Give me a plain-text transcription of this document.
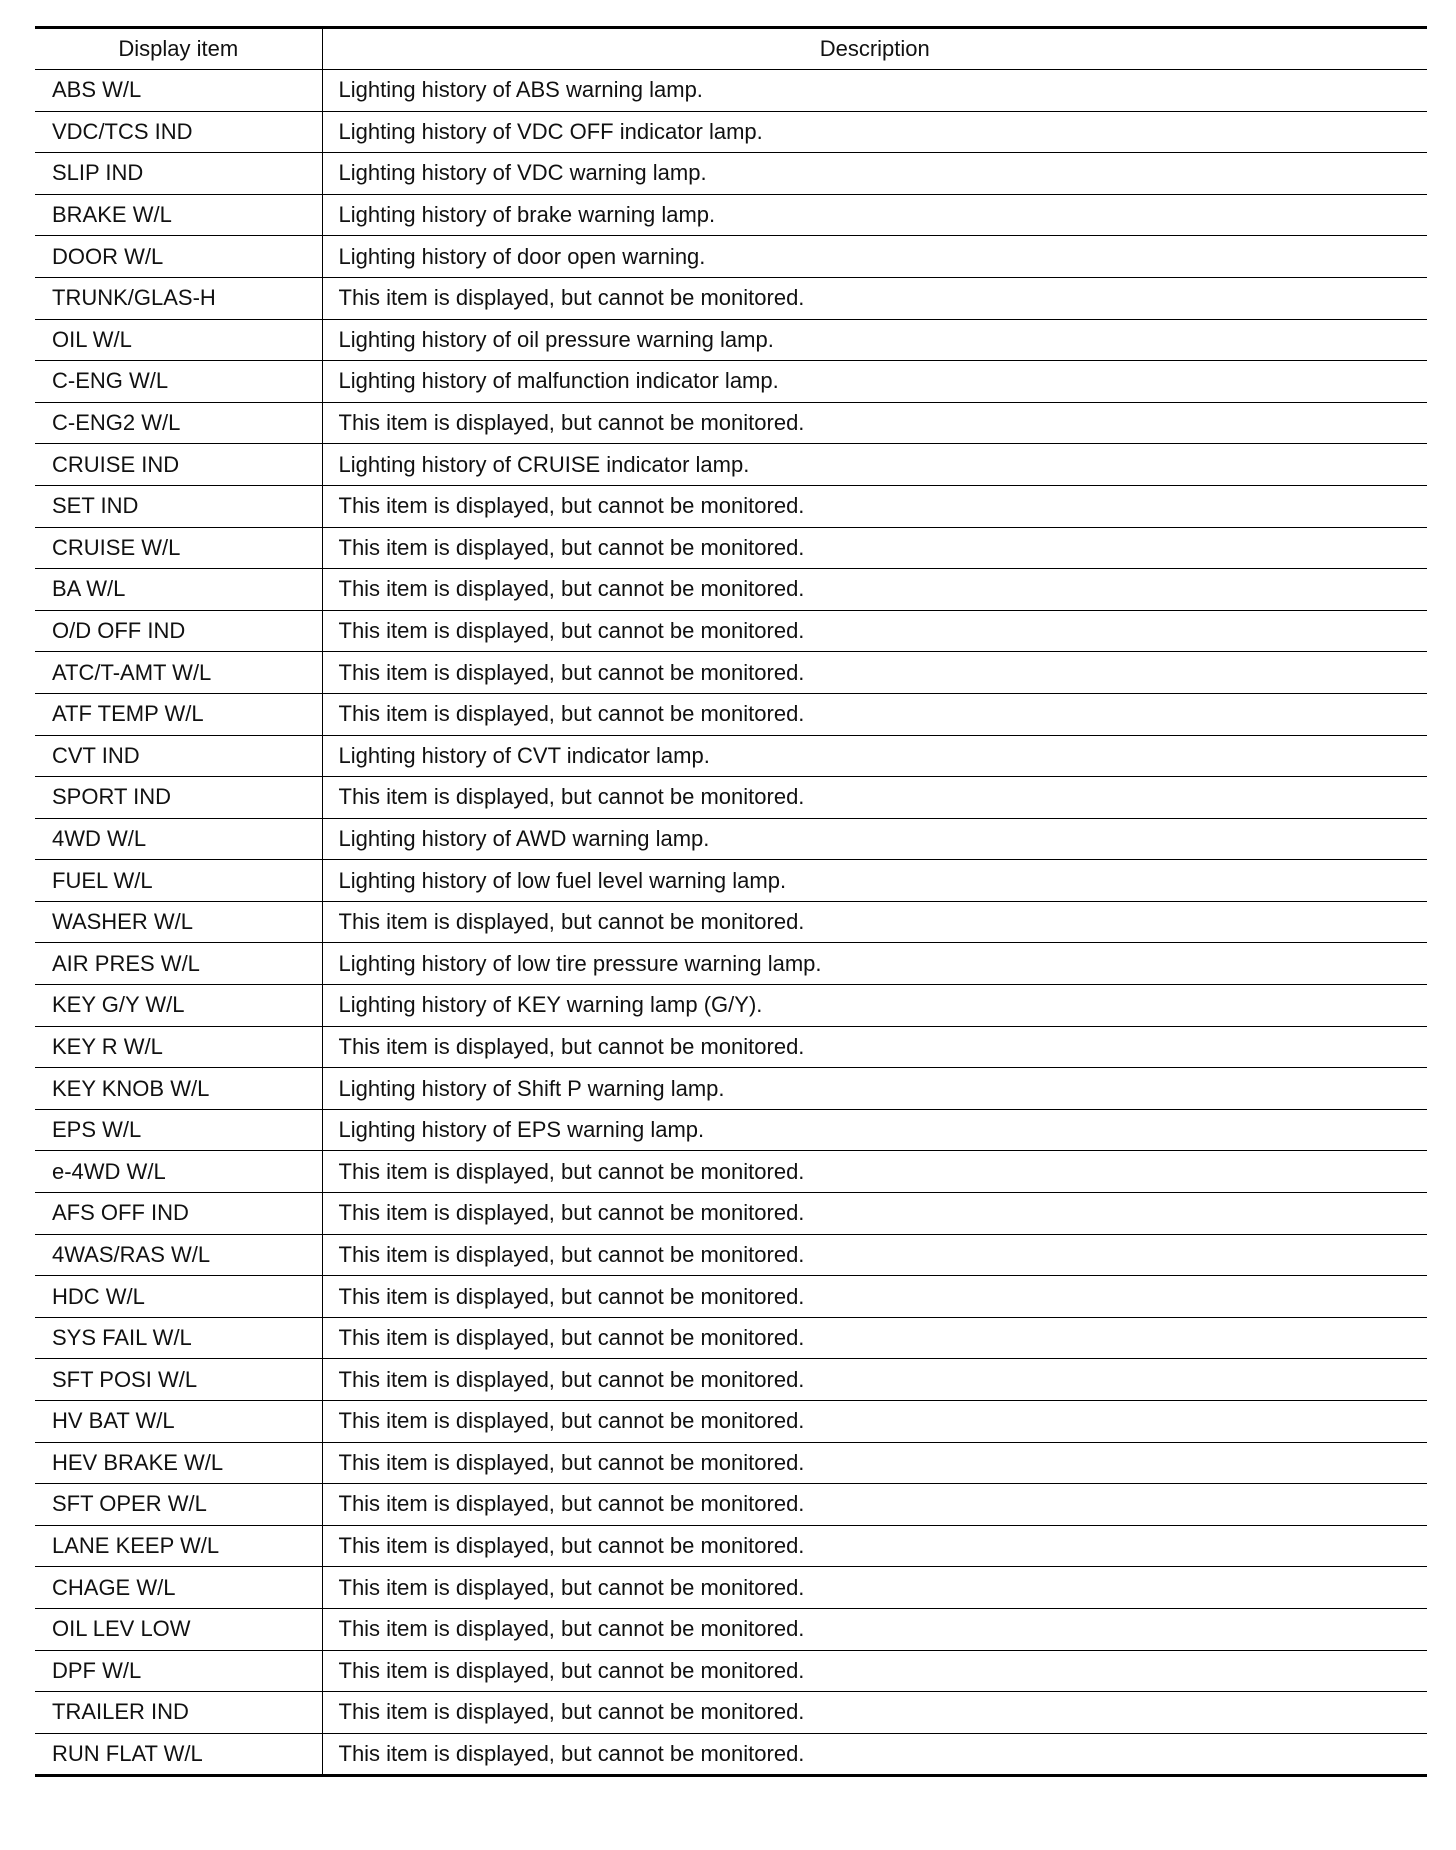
Display item	Description
ABS W/L	Lighting history of ABS warning lamp.
VDC/TCS IND	Lighting history of VDC OFF indicator lamp.
SLIP IND	Lighting history of VDC warning lamp.
BRAKE W/L	Lighting history of brake warning lamp.
DOOR W/L	Lighting history of door open warning.
TRUNK/GLAS-H	This item is displayed, but cannot be monitored.
OIL W/L	Lighting history of oil pressure warning lamp.
C-ENG W/L	Lighting history of malfunction indicator lamp.
C-ENG2 W/L	This item is displayed, but cannot be monitored.
CRUISE IND	Lighting history of CRUISE indicator lamp.
SET IND	This item is displayed, but cannot be monitored.
CRUISE W/L	This item is displayed, but cannot be monitored.
BA W/L	This item is displayed, but cannot be monitored.
O/D OFF IND	This item is displayed, but cannot be monitored.
ATC/T-AMT W/L	This item is displayed, but cannot be monitored.
ATF TEMP W/L	This item is displayed, but cannot be monitored.
CVT IND	Lighting history of CVT indicator lamp.
SPORT IND	This item is displayed, but cannot be monitored.
4WD W/L	Lighting history of AWD warning lamp.
FUEL W/L	Lighting history of low fuel level warning lamp.
WASHER W/L	This item is displayed, but cannot be monitored.
AIR PRES W/L	Lighting history of low tire pressure warning lamp.
KEY G/Y W/L	Lighting history of KEY warning lamp (G/Y).
KEY R W/L	This item is displayed, but cannot be monitored.
KEY KNOB W/L	Lighting history of Shift P warning lamp.
EPS W/L	Lighting history of EPS warning lamp.
e-4WD W/L	This item is displayed, but cannot be monitored.
AFS OFF IND	This item is displayed, but cannot be monitored.
4WAS/RAS W/L	This item is displayed, but cannot be monitored.
HDC W/L	This item is displayed, but cannot be monitored.
SYS FAIL W/L	This item is displayed, but cannot be monitored.
SFT POSI W/L	This item is displayed, but cannot be monitored.
HV BAT W/L	This item is displayed, but cannot be monitored.
HEV BRAKE W/L	This item is displayed, but cannot be monitored.
SFT OPER W/L	This item is displayed, but cannot be monitored.
LANE KEEP W/L	This item is displayed, but cannot be monitored.
CHAGE W/L	This item is displayed, but cannot be monitored.
OIL LEV LOW	This item is displayed, but cannot be monitored.
DPF W/L	This item is displayed, but cannot be monitored.
TRAILER IND	This item is displayed, but cannot be monitored.
RUN FLAT W/L	This item is displayed, but cannot be monitored.
